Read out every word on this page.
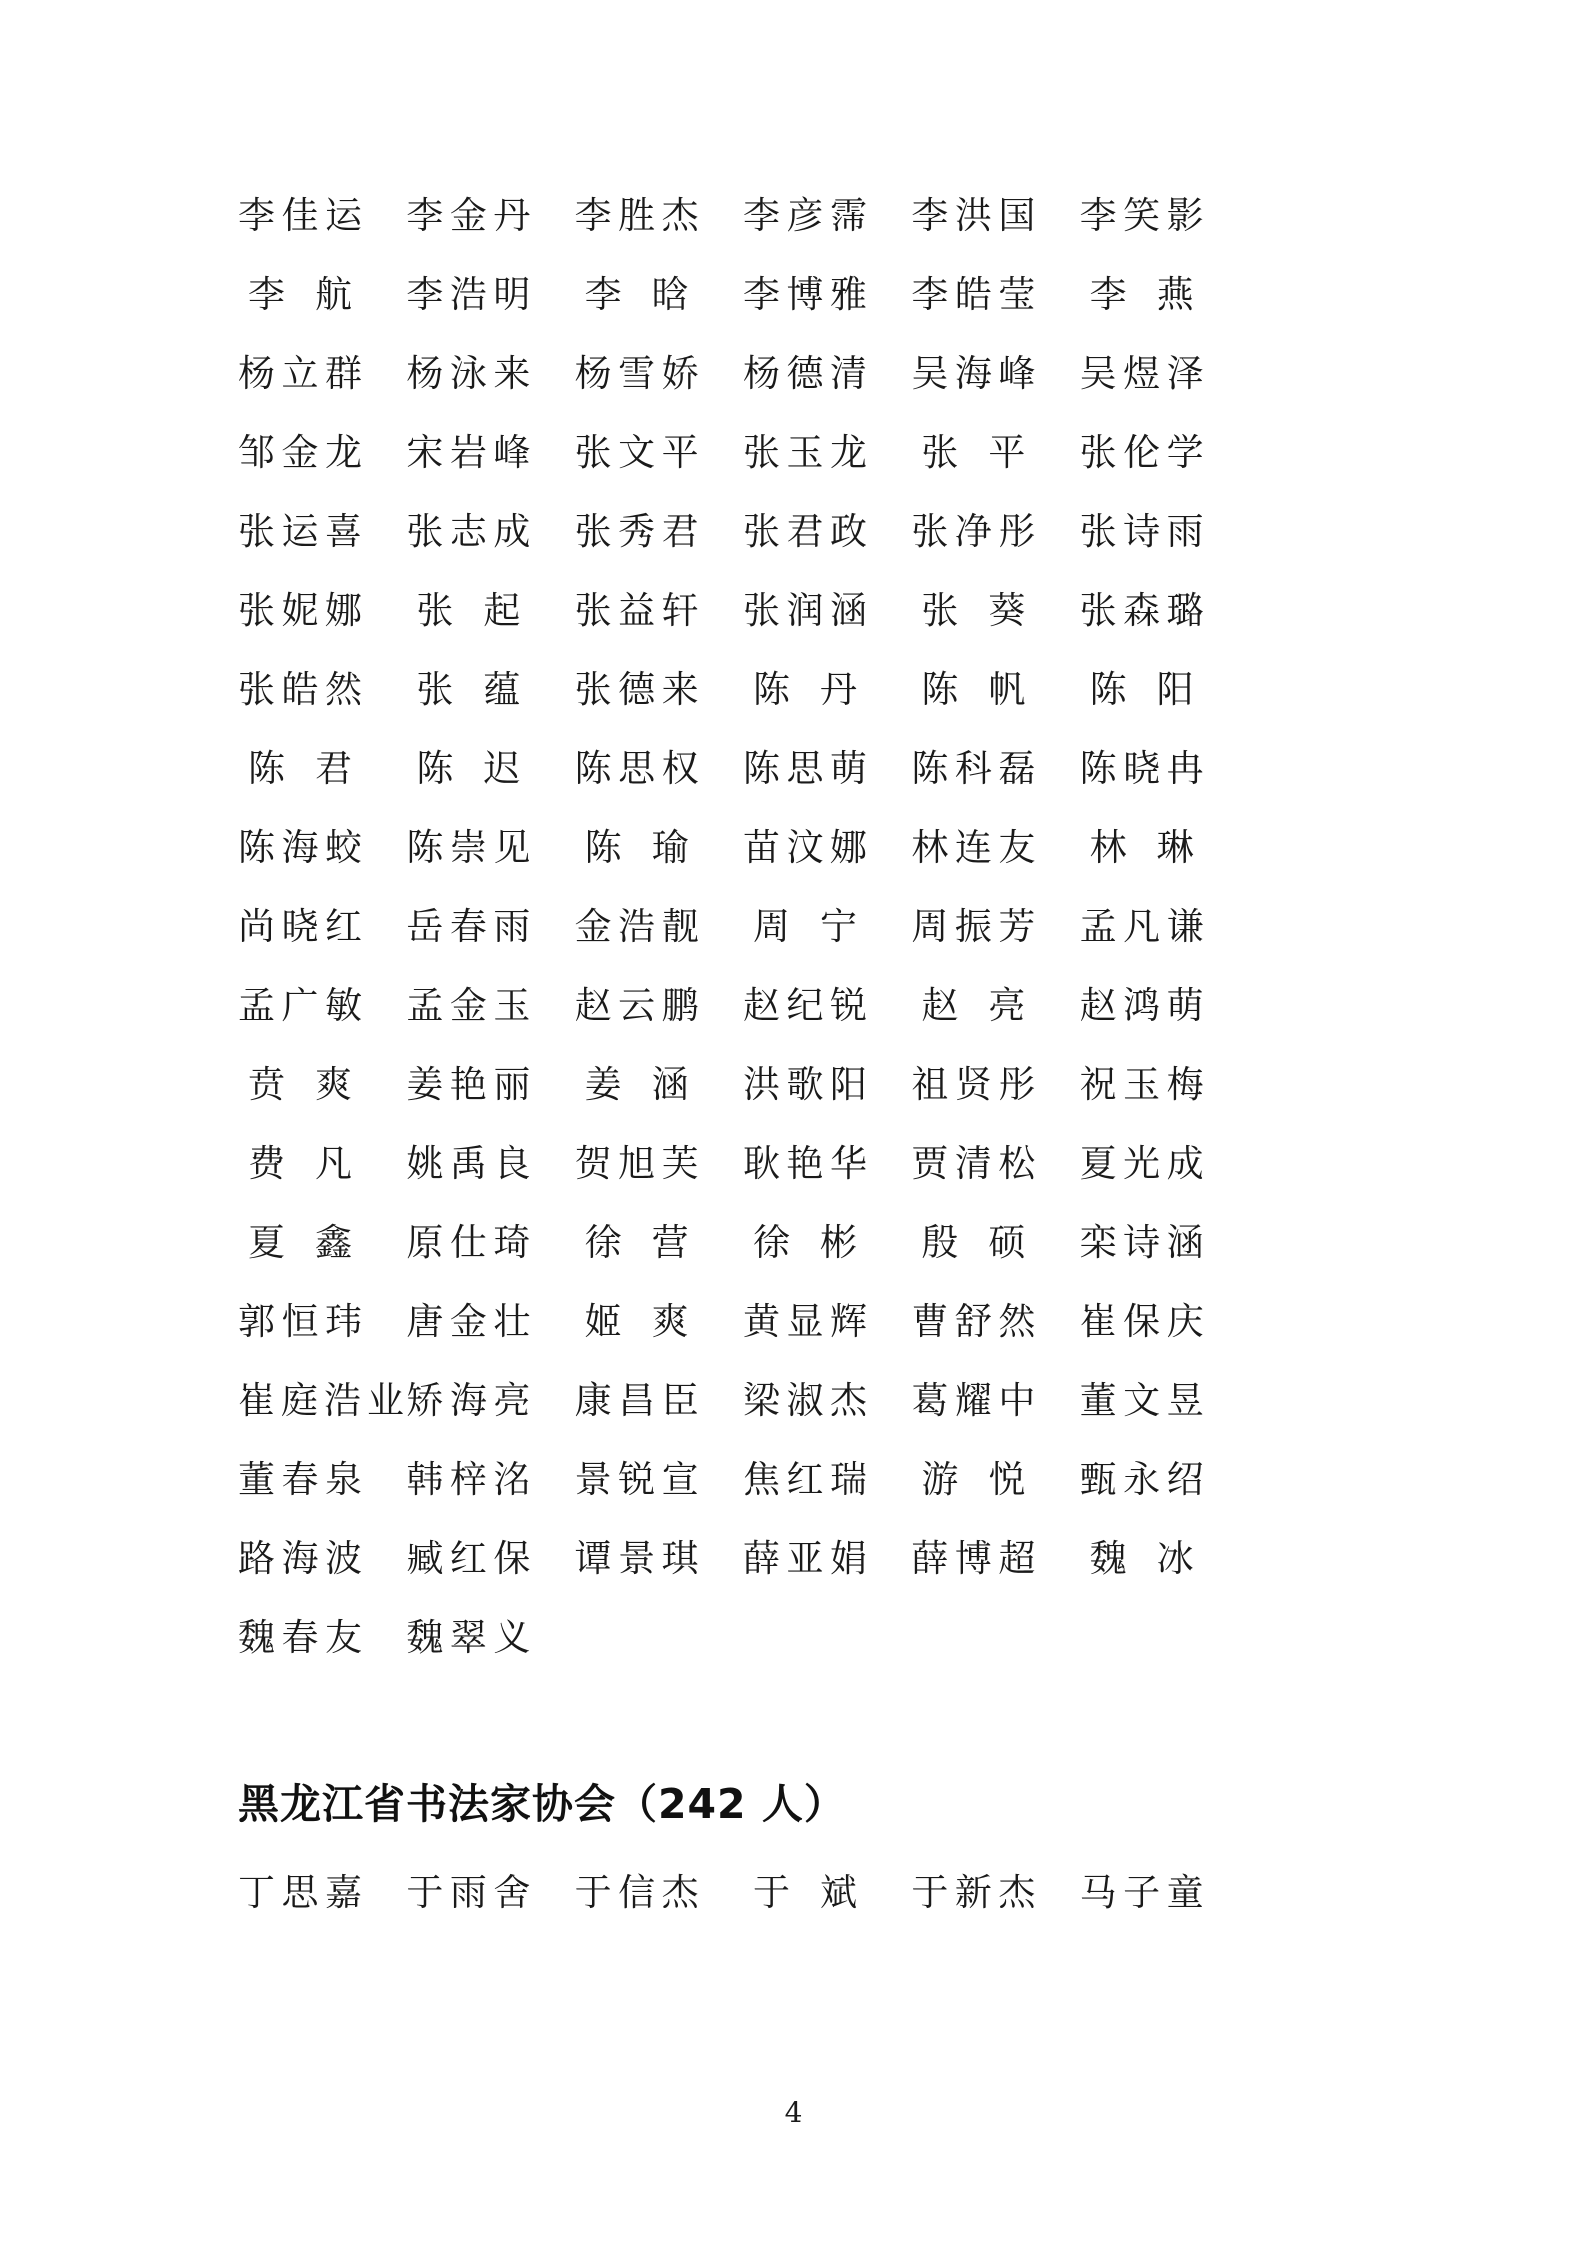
李 佳 运 李 金 丹 李 胜 杰 李 彦 霈 李 洪 国 李 笑 影
李 航 李 浩 明 李 晗 李 博 雅 李 皓 莹 李 燕
杨 立 群 杨 泳 来 杨 雪 娇 杨 德 清 吴 海 峰 吴 煜 泽
邹 金 龙 宋 岩 峰 张 文 平 张 玉 龙 张 平 张 伦 学
张 运 喜 张 志 成 张 秀 君 张 君 政 张 净 彤 张 诗 雨
张 妮 娜 张 起 张 益 轩 张 润 涵 张 葵 张 森 璐
张 皓 然 张 蕴 张 德 来 陈 丹 陈 帆 陈 阳
陈 君 陈 迟 陈 思 权 陈 思 萌 陈 科 磊 陈 晓 冉
陈 海 蛟 陈 崇 见 陈 瑜 苗 汶 娜 林 连 友 林 琳
尚 晓 红 岳 春 雨 金 浩 靓 周 宁 周 振 芳 孟 凡 谦
孟 广 敏 孟 金 玉 赵 云 鹏 赵 纪 锐 赵 亮 赵 鸿 萌
贲 爽 姜 艳 丽 姜 涵 洪 歌 阳 祖 贤 彤 祝 玉 梅
费 凡 姚 禹 良 贺 旭 芙 耿 艳 华 贾 清 松 夏 光 成
夏 鑫 原 仕 琦 徐 营 徐 彬 殷 硕 栾 诗 涵
郭 恒 玮 唐 金 壮 姬 爽 黄 显 辉 曹 舒 然 崔 保 庆
崔 庭 浩 业 矫 海 亮 康 昌 臣 梁 淑 杰 葛 耀 中 董 文 昱
董 春 泉 韩 梓 洺 景 锐 宣 焦 红 瑞 游 悦 甄 永 绍
路 海 波 臧 红 保 谭 景 琪 薛 亚 娟 薛 博 超 魏 冰
魏 春 友 魏 翠 义

黑龙江省书法家协会（242 人）
丁 思 嘉 于 雨 舍 于 信 杰 于 斌 于 新 杰 马 子 童
4
